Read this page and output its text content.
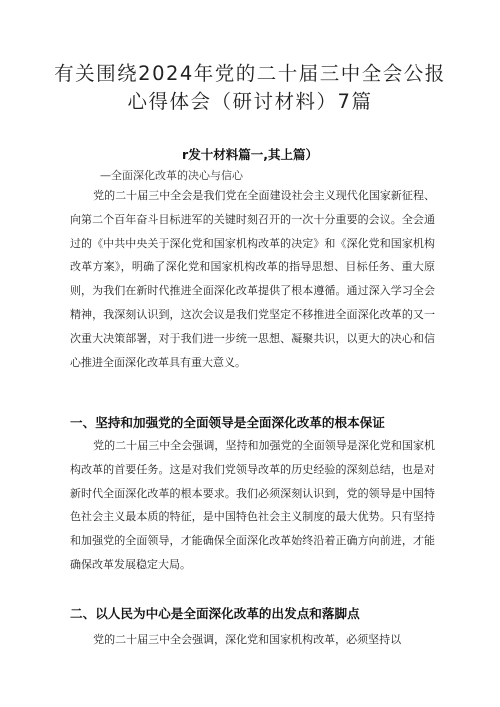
有关围绕2024年党的二十届三中全会公报
心得体会（研讨材料）7篇
r发十材料篇一,其上篇）
—全面深化改革的决心与信心

党的二十届三中全会是我们党在全面建设社会主义现代化国家新征程、向第二个百年奋斗目标进军的关键时刻召开的一次十分重要的会议。全会通过的《中共中央关于深化党和国家机构改革的决定》和《深化党和国家机构改革方案》，明确了深化党和国家机构改革的指导思想、目标任务、重大原则，为我们在新时代推进全面深化改革提供了根本遵循。通过深入学习全会精神，我深刻认识到，这次会议是我们党坚定不移推进全面深化改革的又一次重大决策部署，对于我们进一步统一思想、凝聚共识，以更大的决心和信心推进全面深化改革具有重大意义。

一、坚持和加强党的全面领导是全面深化改革的根本保证

党的二十届三中全会强调，坚持和加强党的全面领导是深化党和国家机构改革的首要任务。这是对我们党领导改革的历史经验的深刻总结，也是对新时代全面深化改革的根本要求。我们必须深刻认识到，党的领导是中国特色社会主义最本质的特征，是中国特色社会主义制度的最大优势。只有坚持和加强党的全面领导，才能确保全面深化改革始终沿着正确方向前进，才能确保改革发展稳定大局。

二、以人民为中心是全面深化改革的出发点和落脚点

党的二十届三中全会强调，深化党和国家机构改革，必须坚持以
